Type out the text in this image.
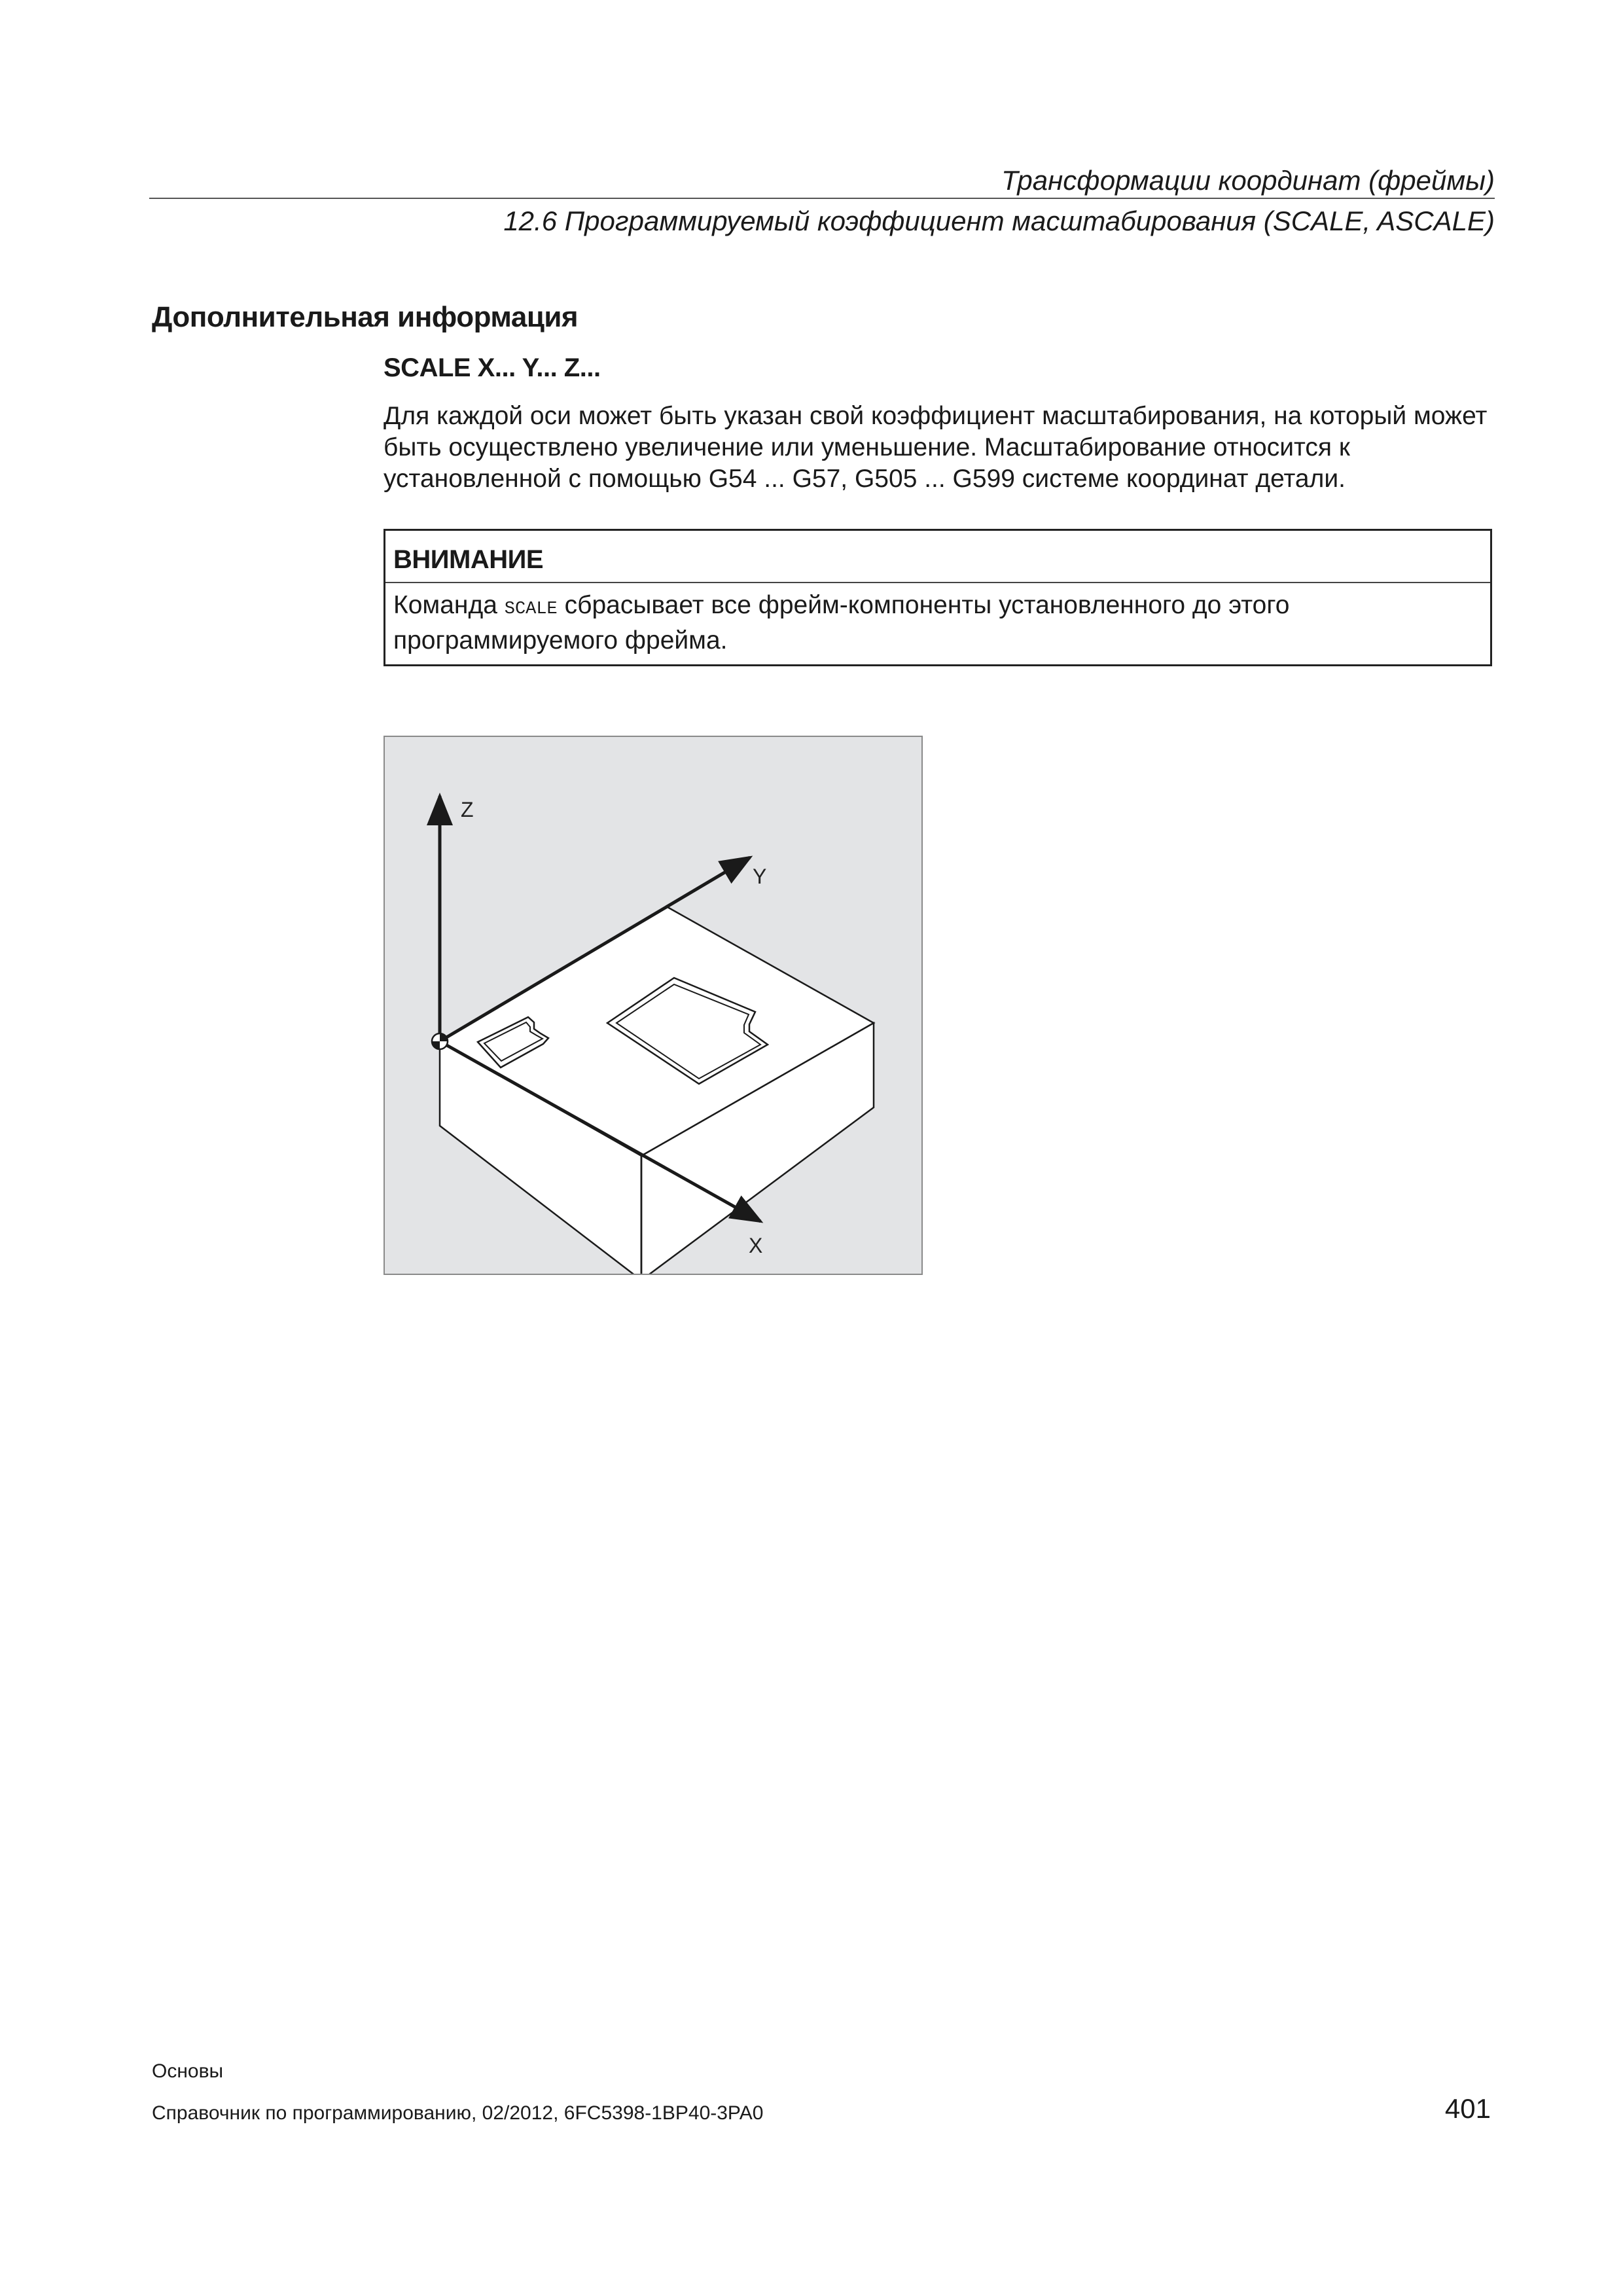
Трансформации координат (фреймы)
12.6 Программируемый коэффициент масштабирования (SCALE, ASCALE)
Дополнительная информация
SCALE X... Y... Z...
Для каждой оси может быть указан свой коэффициент масштабирования, на который может быть осуществлено увеличение или уменьшение. Масштабирование относится к установленной с помощью G54 ... G57, G505 ... G599 системе координат детали.
ВНИМАНИЕ
Команда SCALE сбрасывает все фрейм-компоненты установленного до этого программируемого фрейма.
Z
Y
X
Основы
Справочник по программированию, 02/2012, 6FC5398-1BP40-3PA0	401
